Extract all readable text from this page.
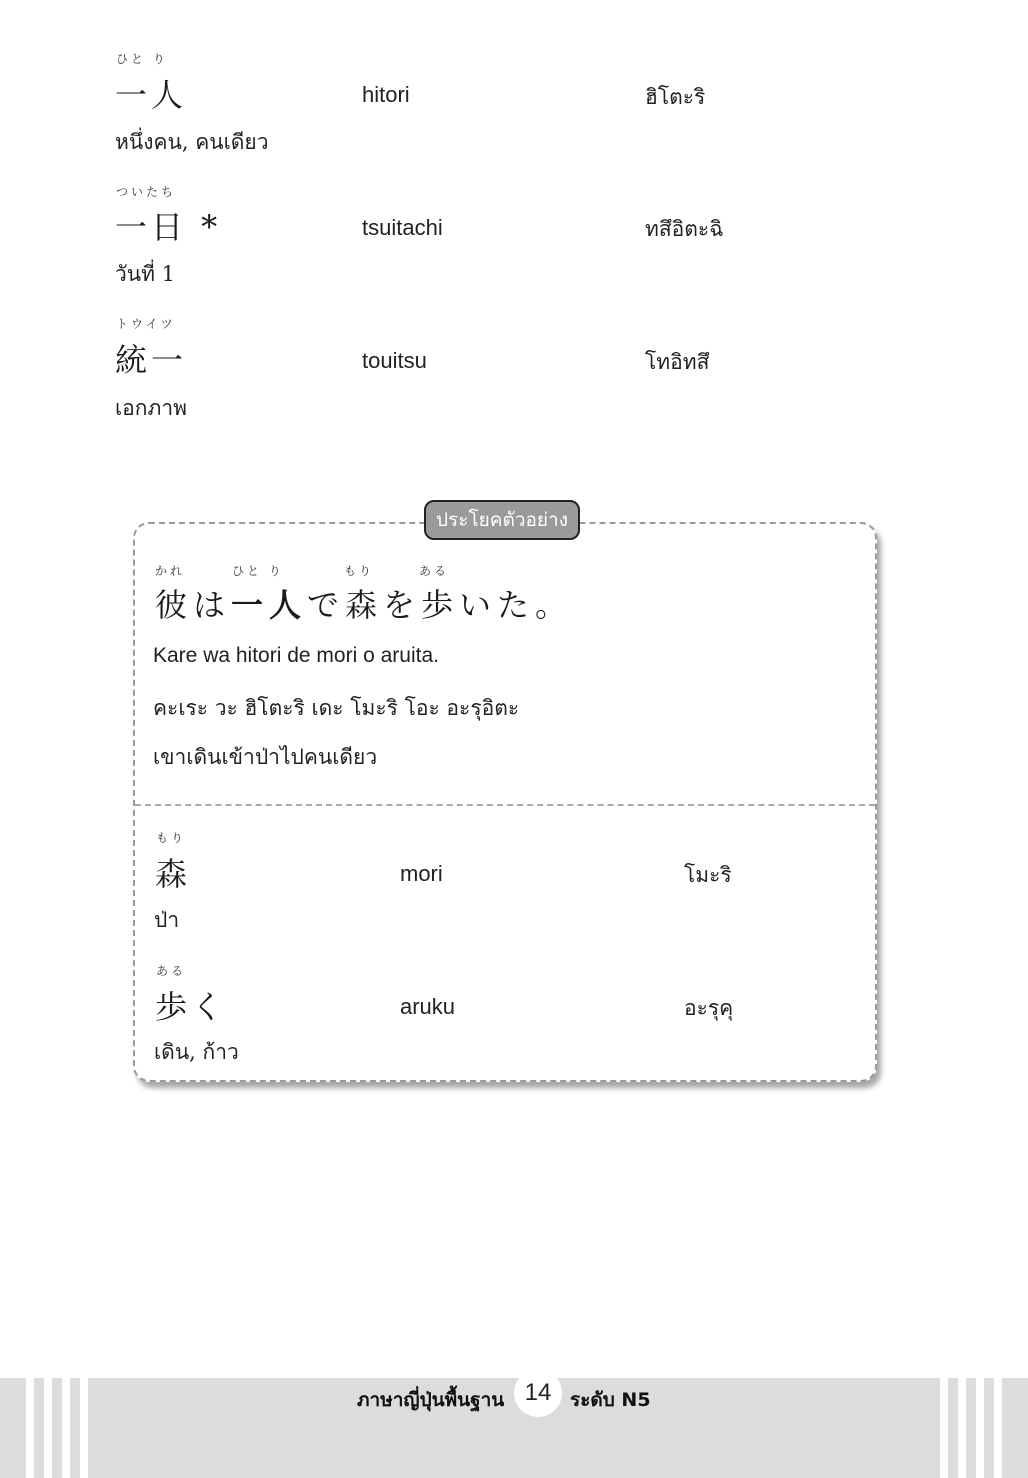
ひと り
一人	hitori	ฮิโตะริ
หนึ่งคน, คนเดียว
ついたち
一日 *	tsuitachi	ทสึอิตะฉิ
วันที่ 1
トウイツ
統一	touitsu	โทอิทสึ
เอกภาพ
ประโยคตัวอย่าง
かれ	ひと り	もり	ある
彼は一人で森を歩いた。
Kare wa hitori de mori o aruita.
คะเระ วะ ฮิโตะริ เดะ โมะริ โอะ อะรุอิตะ
เขาเดินเข้าป่าไปคนเดียว
もり
森	mori	โมะริ
ป่า
ある
歩く	aruku	อะรุคุ
เดิน, ก้าว
ภาษาญี่ปุ่นพื้นฐาน 14 ระดับ N5
